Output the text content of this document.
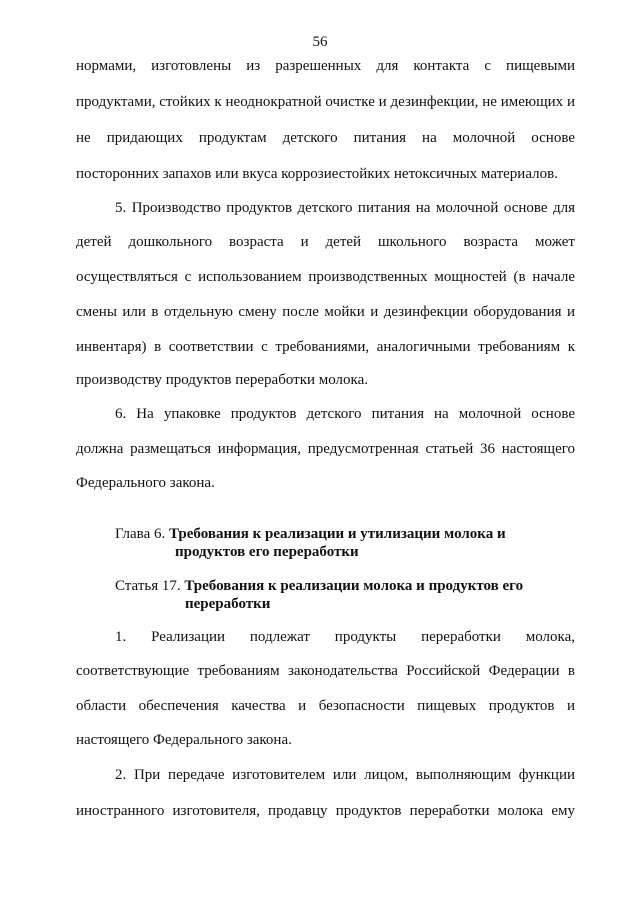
56
нормами, изготовлены из разрешенных для контакта с пищевыми
продуктами, стойких к неоднократной очистке и дезинфекции, не имеющих и
не придающих продуктам детского питания на молочной основе
посторонних запахов или вкуса коррозиестойких нетоксичных материалов.
5. Производство продуктов детского питания на молочной основе для
детей дошкольного возраста и детей школьного возраста может
осуществляться с использованием производственных мощностей (в начале
смены или в отдельную смену после мойки и дезинфекции оборудования и
инвентаря) в соответствии с требованиями, аналогичными требованиям к
производству продуктов переработки молока.
6. На упаковке продуктов детского питания на молочной основе
должна размещаться информация, предусмотренная статьей 36 настоящего
Федерального закона.
Глава 6. Требования к реализации и утилизации молока и
продуктов его переработки
Статья 17. Требования к реализации молока и продуктов его
переработки
1. Реализации подлежат продукты переработки молока,
соответствующие требованиям законодательства Российской Федерации в
области обеспечения качества и безопасности пищевых продуктов и
настоящего Федерального закона.
2. При передаче изготовителем или лицом, выполняющим функции
иностранного изготовителя, продавцу продуктов переработки молока ему
